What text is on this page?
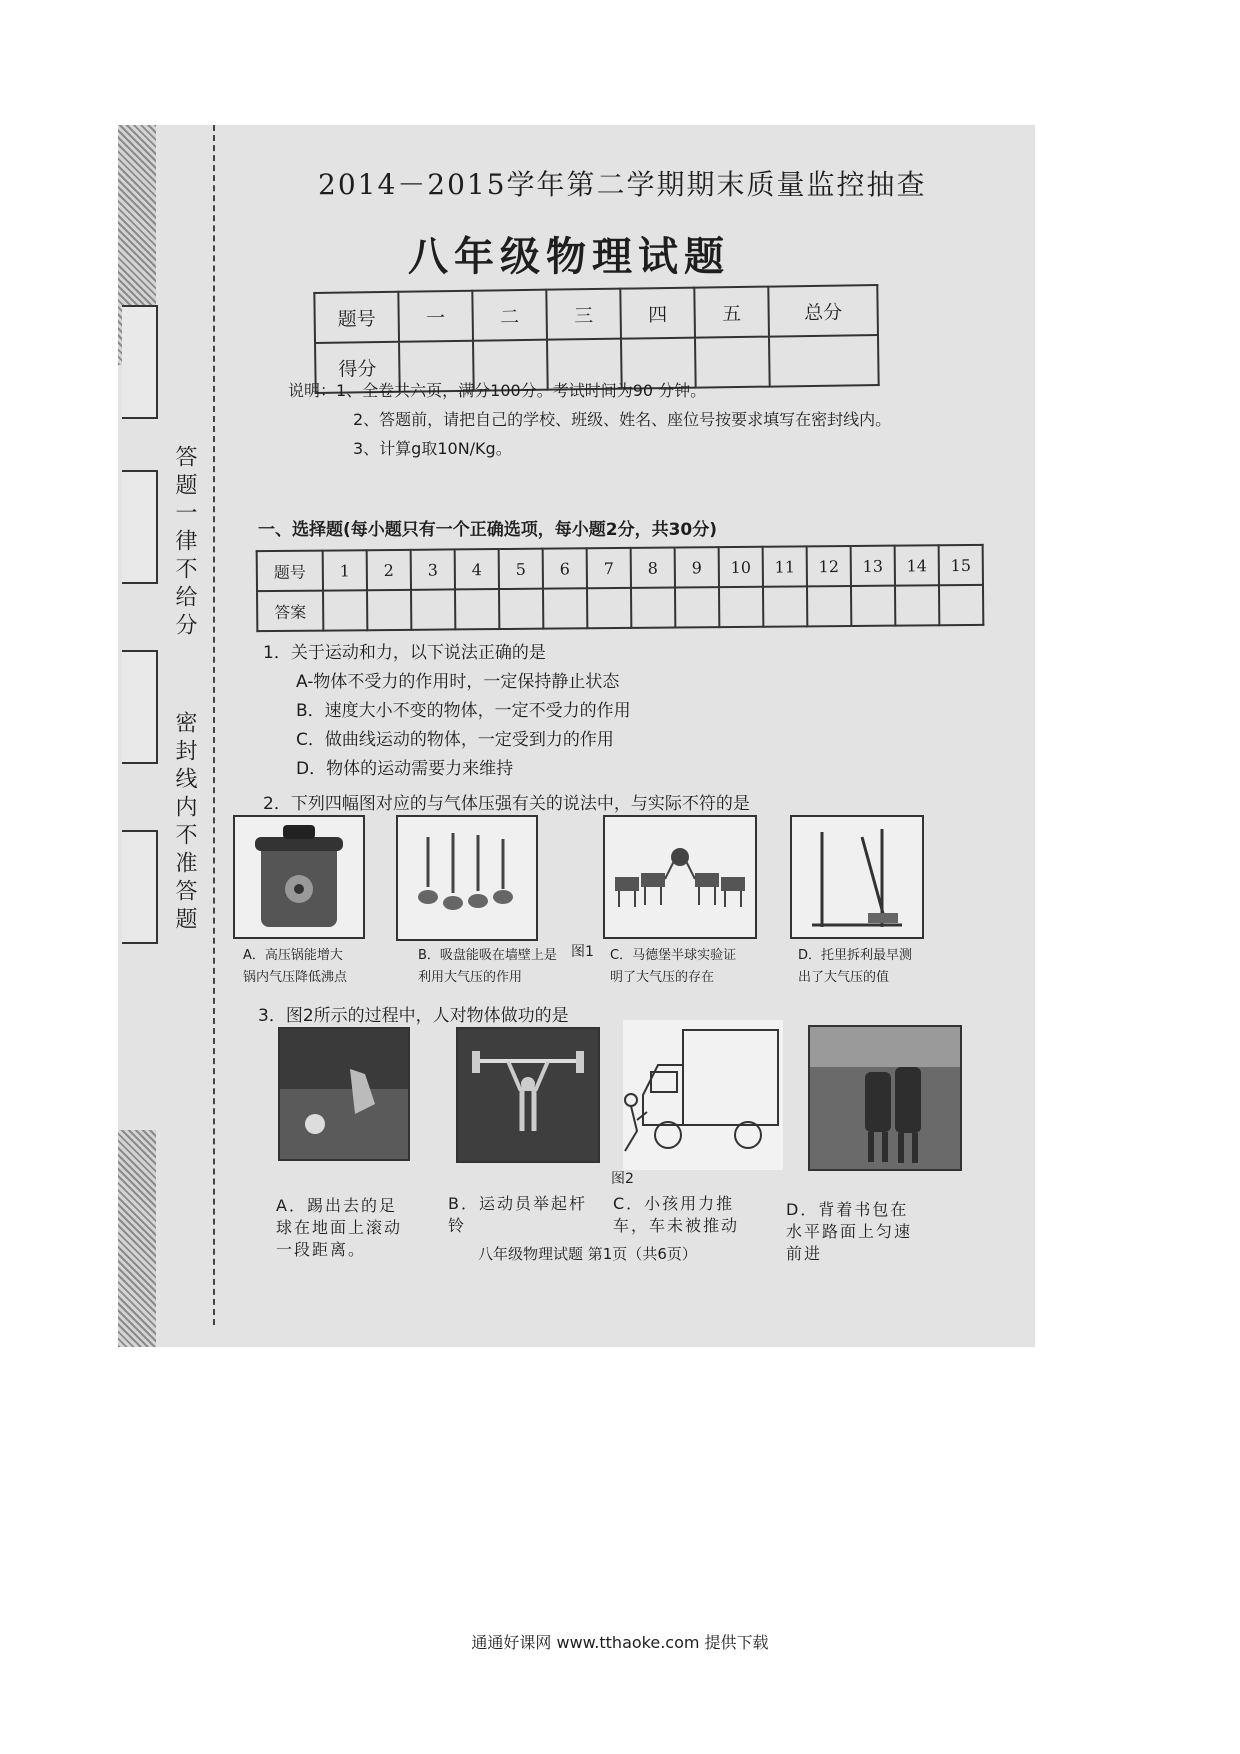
答题一律不给分密封线内不准答题
2014－2015学年第二学期期末质量监控抽查
八年级物理试题
题号	一	二	三	四	五	总分
得分						
说明：1、全卷共六页，满分100分。考试时间为90 分钟。
2、答题前，请把自己的学校、班级、姓名、座位号按要求填写在密封线内。
3、计算g取10N/Kg。
一、选择题(每小题只有一个正确选项，每小题2分，共30分)
题号	1	2	3	4	5	6	7	8	9	10	11	12	13	14	15
答案															
1．关于运动和力，以下说法正确的是
A-物体不受力的作用时，一定保持静止状态
B．速度大小不变的物体，一定不受力的作用
C．做曲线运动的物体，一定受到力的作用
D．物体的运动需要力来维持
2．下列四幅图对应的与气体压强有关的说法中，与实际不符的是
图1
A．高压锅能增大
锅内气压降低沸点
B．吸盘能吸在墙壁上是
利用大气压的作用
C．马德堡半球实验证
明了大气压的存在
D．托里拆利最早测
出了大气压的值
3．图2所示的过程中，人对物体做功的是
图2
A．踢出去的足
球在地面上滚动
一段距离。
B．运动员举起杆
铃
C．小孩用力推
车，车未被推动
D．背着书包在
水平路面上匀速
前进
八年级物理试题 第1页（共6页）
通通好课网 www.tthaoke.com 提供下载
